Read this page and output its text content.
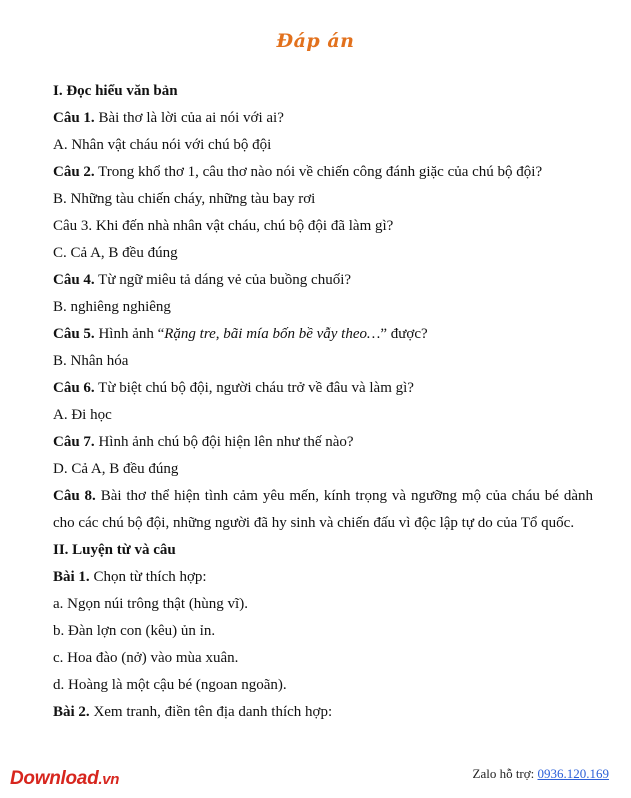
Đáp án
I. Đọc hiểu văn bản
Câu 1. Bài thơ là lời của ai nói với ai?
A. Nhân vật cháu nói với chú bộ đội
Câu 2. Trong khổ thơ 1, câu thơ nào nói về chiến công đánh giặc của chú bộ đội?
B. Những tàu chiến cháy, những tàu bay rơi
Câu 3. Khi đến nhà nhân vật cháu, chú bộ đội đã làm gì?
C. Cả A, B đều đúng
Câu 4. Từ ngữ miêu tả dáng vẻ của buồng chuối?
B. nghiêng nghiêng
Câu 5. Hình ảnh “Rặng tre, bãi mía bốn bề vẫy theo…” được?
B. Nhân hóa
Câu 6. Từ biệt chú bộ đội, người cháu trở về đâu và làm gì?
A. Đi học
Câu 7. Hình ảnh chú bộ đội hiện lên như thế nào?
D. Cả A, B đều đúng
Câu 8. Bài thơ thể hiện tình cảm yêu mến, kính trọng và ngưỡng mộ của cháu bé dành cho các chú bộ đội, những người đã hy sinh và chiến đấu vì độc lập tự do của Tổ quốc.
II. Luyện từ và câu
Bài 1. Chọn từ thích hợp:
a. Ngọn núi trông thật (hùng vĩ).
b. Đàn lợn con (kêu) ủn ỉn.
c. Hoa đào (nở) vào mùa xuân.
d. Hoàng là một cậu bé (ngoan ngoãn).
Bài 2. Xem tranh, điền tên địa danh thích hợp:
Download.vn	Zalo hỗ trợ: 0936.120.169
